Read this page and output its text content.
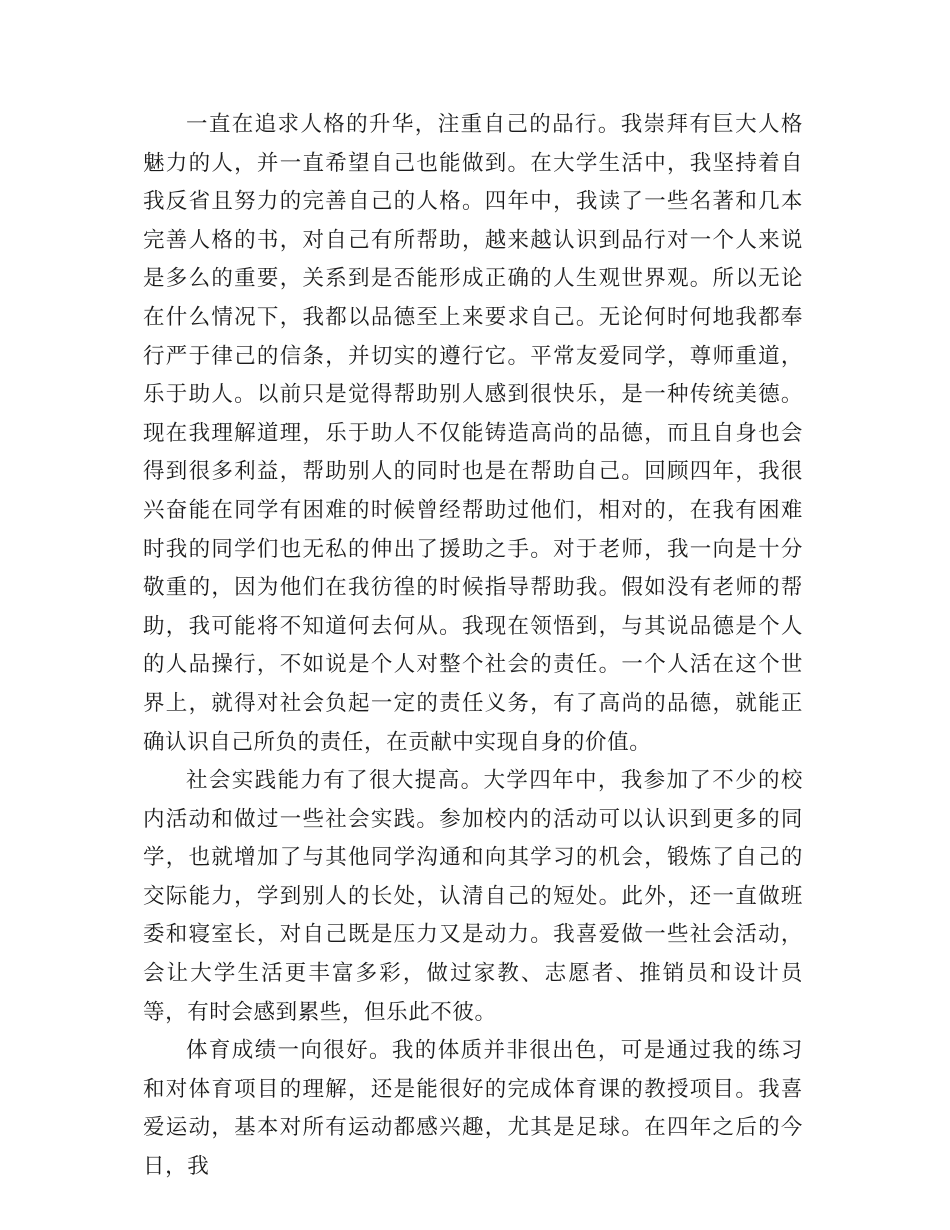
一直在追求人格的升华，注重自己的品行。我崇拜有巨大人格魅力的人，并一直希望自己也能做到。在大学生活中，我坚持着自我反省且努力的完善自己的人格。四年中，我读了一些名著和几本完善人格的书，对自己有所帮助，越来越认识到品行对一个人来说是多么的重要，关系到是否能形成正确的人生观世界观。所以无论在什么情况下，我都以品德至上来要求自己。无论何时何地我都奉行严于律己的信条，并切实的遵行它。平常友爱同学，尊师重道，乐于助人。以前只是觉得帮助别人感到很快乐，是一种传统美德。现在我理解道理，乐于助人不仅能铸造高尚的品德，而且自身也会得到很多利益，帮助别人的同时也是在帮助自己。回顾四年，我很兴奋能在同学有困难的时候曾经帮助过他们，相对的，在我有困难时我的同学们也无私的伸出了援助之手。对于老师，我一向是十分敬重的，因为他们在我彷徨的时候指导帮助我。假如没有老师的帮助，我可能将不知道何去何从。我现在领悟到，与其说品德是个人的人品操行，不如说是个人对整个社会的责任。一个人活在这个世界上，就得对社会负起一定的责任义务，有了高尚的品德，就能正确认识自己所负的责任，在贡献中实现自身的价值。

社会实践能力有了很大提高。大学四年中，我参加了不少的校内活动和做过一些社会实践。参加校内的活动可以认识到更多的同学，也就增加了与其他同学沟通和向其学习的机会，锻炼了自己的交际能力，学到别人的长处，认清自己的短处。此外，还一直做班委和寝室长，对自己既是压力又是动力。我喜爱做一些社会活动，会让大学生活更丰富多彩，做过家教、志愿者、推销员和设计员等，有时会感到累些，但乐此不彼。

体育成绩一向很好。我的体质并非很出色，可是通过我的练习和对体育项目的理解，还是能很好的完成体育课的教授项目。我喜爱运动，基本对所有运动都感兴趣，尤其是足球。在四年之后的今日，我
